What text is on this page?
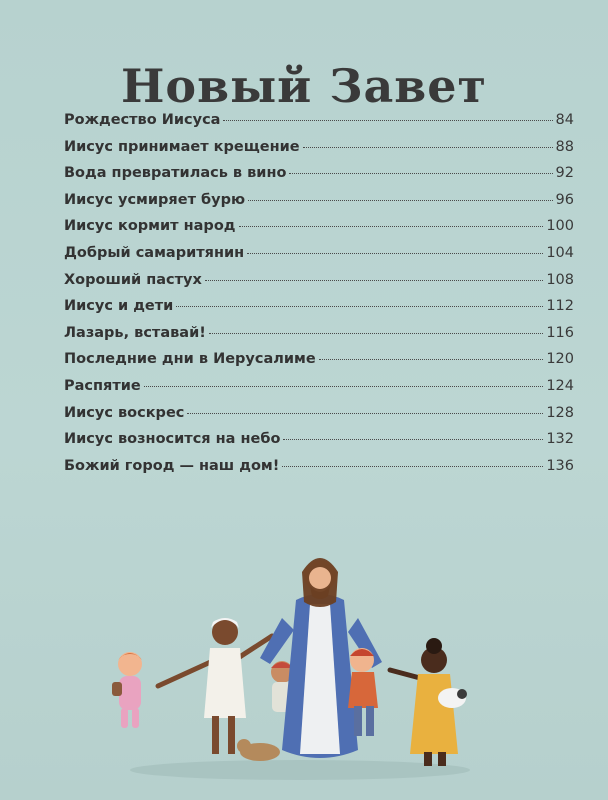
Новый Завет
Рождество Иисуса	84
Иисус принимает крещение	88
Вода превратилась в вино	92
Иисус усмиряет бурю	96
Иисус кормит народ	100
Добрый самаритянин	104
Хороший пастух	108
Иисус и дети	112
Лазарь, вставай!	116
Последние дни в Иерусалиме	120
Распятие	124
Иисус воскрес	128
Иисус возносится на небо	132
Божий город — наш дом!	136
